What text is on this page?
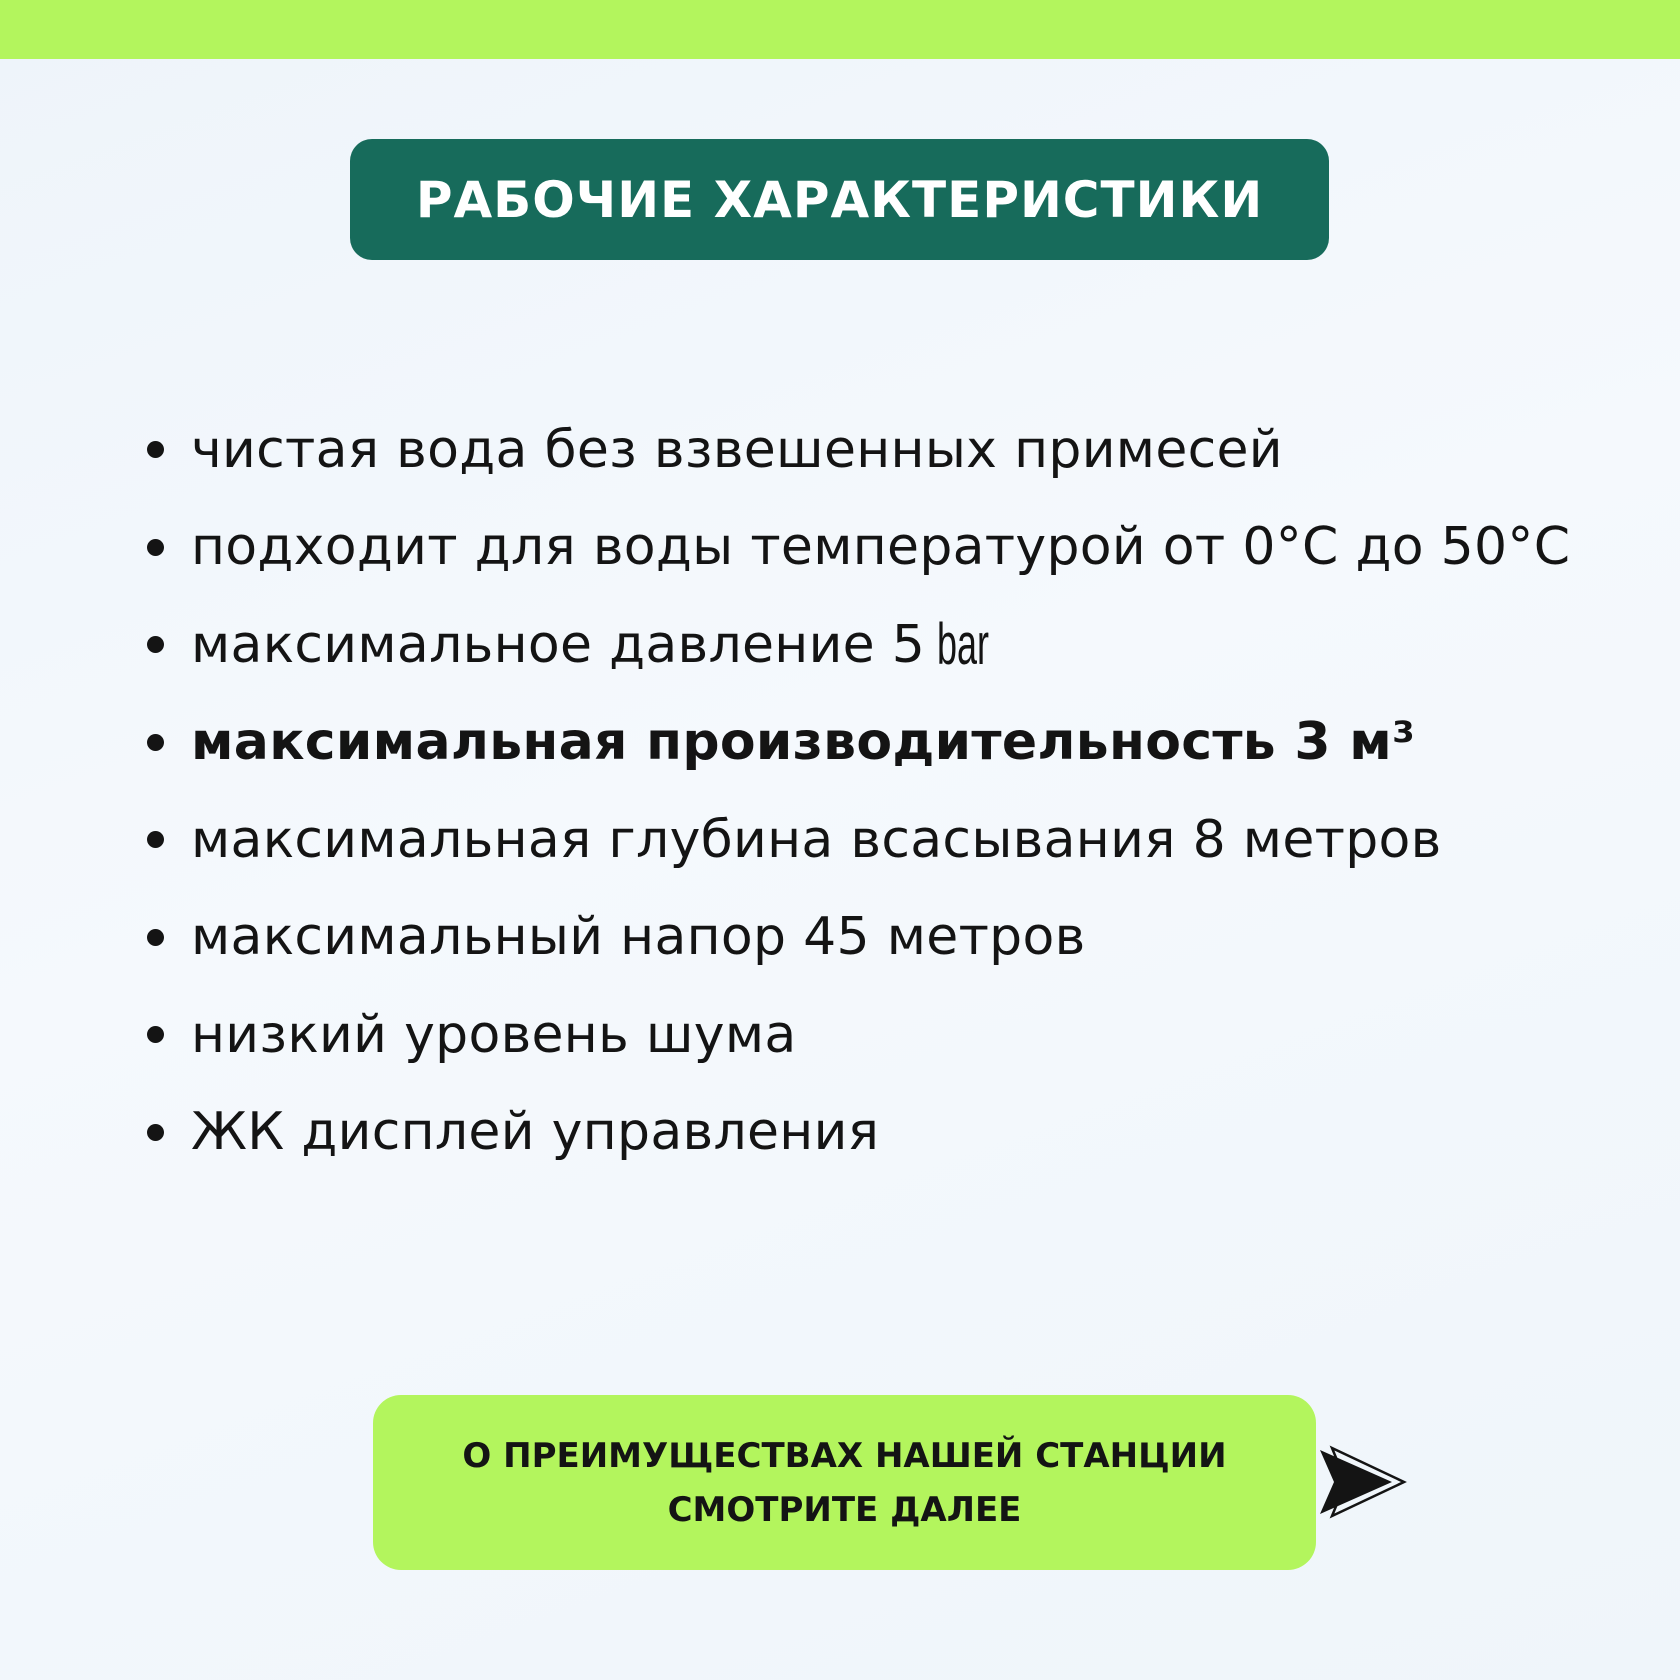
РАБОЧИЕ ХАРАКТЕРИСТИКИ
чистая вода без взвешенных примесей
подходит для воды температурой от 0°C до 50°C
максимальное давление 5 bar
максимальная производительность 3 м³
максимальная глубина всасывания 8 метров
максимальный напор 45 метров
низкий уровень шума
ЖК дисплей управления
О ПРЕИМУЩЕСТВАХ НАШЕЙ СТАНЦИИ
СМОТРИТЕ ДАЛЕЕ
